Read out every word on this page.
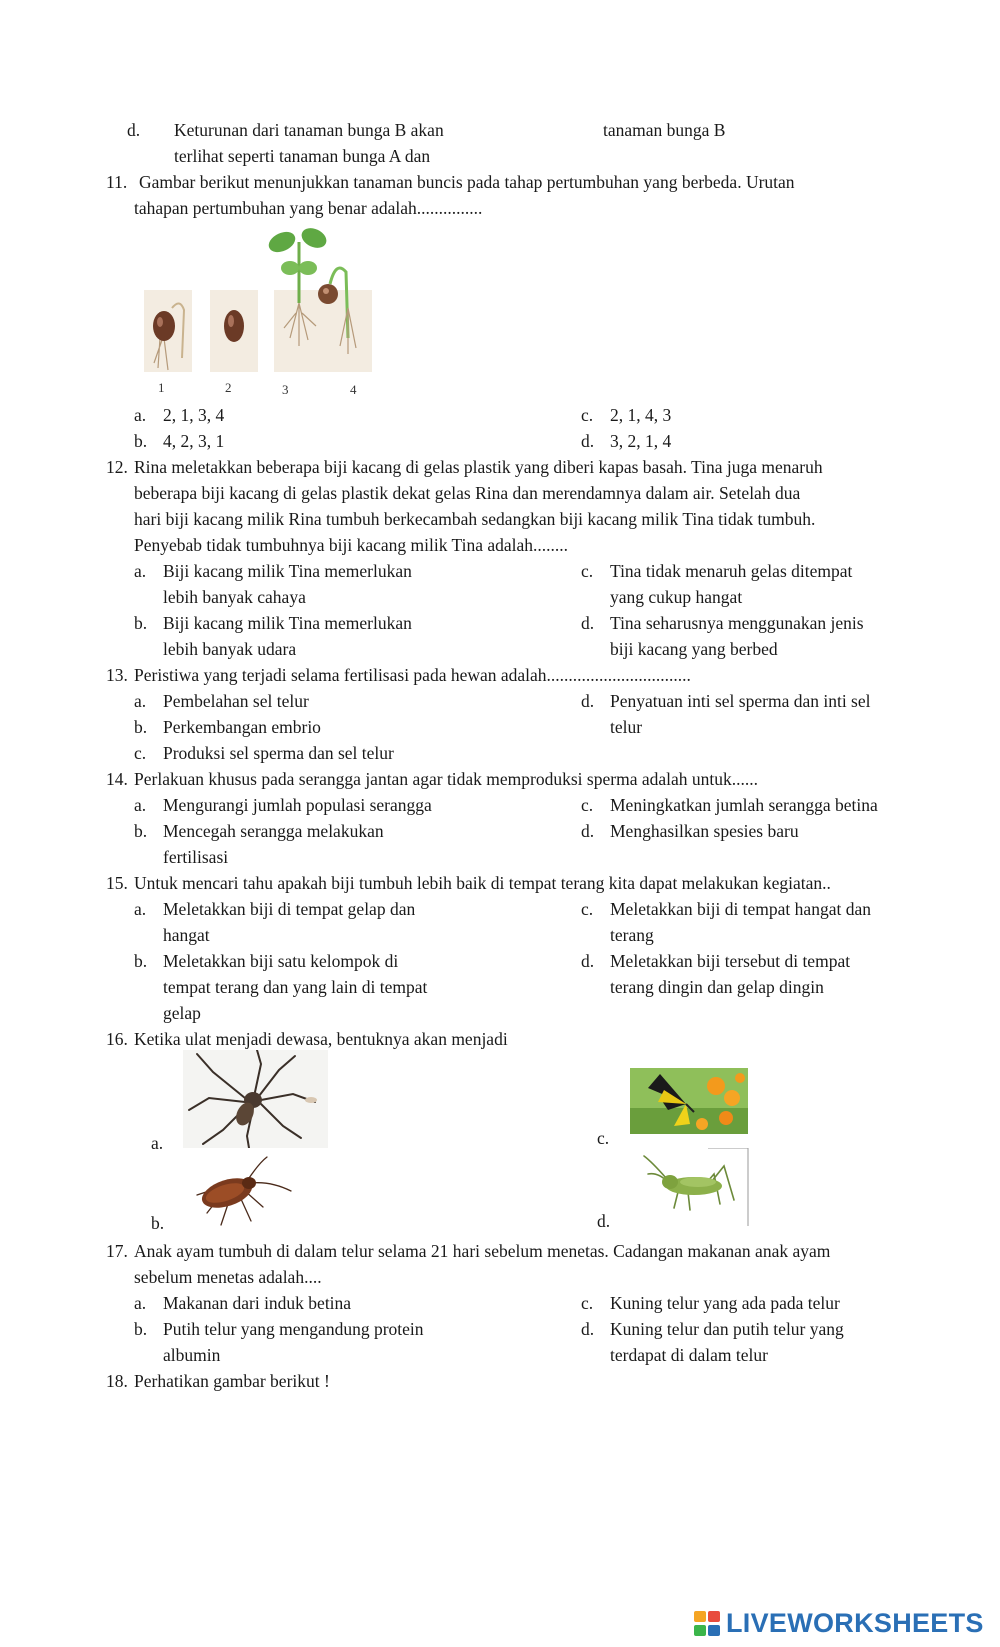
d. Keturunan dari tanaman bunga B akan
terlihat seperti tanaman bunga A dan
tanaman bunga B
11. Gambar berikut menunjukkan tanaman buncis pada tahap pertumbuhan yang berbeda. Urutan
tahapan pertumbuhan yang benar adalah...............
1	2	3	4
a. 2, 1, 3, 4
b. 4, 2, 3, 1
c. 2, 1, 4, 3
d. 3, 2, 1, 4
12. Rina meletakkan beberapa biji kacang di gelas plastik yang diberi kapas basah. Tina juga menaruh
beberapa biji kacang di gelas plastik dekat gelas Rina dan merendamnya dalam air. Setelah dua
hari biji kacang milik Rina tumbuh berkecambah sedangkan biji kacang milik Tina tidak tumbuh.
Penyebab tidak tumbuhnya biji kacang milik Tina adalah........
a. Biji kacang milik Tina memerlukan
lebih banyak cahaya
b. Biji kacang milik Tina memerlukan
lebih banyak udara
c. Tina tidak menaruh gelas ditempat
yang cukup hangat
d. Tina seharusnya menggunakan jenis
biji kacang yang berbed
13. Peristiwa yang terjadi selama fertilisasi pada hewan adalah.................................
a. Pembelahan sel telur
b. Perkembangan embrio
c. Produksi sel sperma dan sel telur
d. Penyatuan inti sel sperma dan inti sel
telur
14. Perlakuan khusus pada serangga jantan agar tidak memproduksi sperma adalah untuk......
a. Mengurangi jumlah populasi serangga
b. Mencegah serangga melakukan
fertilisasi
c. Meningkatkan jumlah serangga betina
d. Menghasilkan spesies baru
15. Untuk mencari tahu apakah biji tumbuh lebih baik di tempat terang kita dapat melakukan kegiatan..
a. Meletakkan biji di tempat gelap dan
hangat
b. Meletakkan biji satu kelompok di
tempat terang dan yang lain di tempat
gelap
c. Meletakkan biji di tempat hangat dan
terang
d. Meletakkan biji tersebut di tempat
terang dingin dan gelap dingin
16. Ketika ulat menjadi dewasa, bentuknya akan menjadi
a.
b.
c.
d.
17. Anak ayam tumbuh di dalam telur selama 21 hari sebelum menetas. Cadangan makanan anak ayam
sebelum menetas adalah....
a. Makanan dari induk betina
b. Putih telur yang mengandung protein
albumin
c. Kuning telur yang ada pada telur
d. Kuning telur dan putih telur yang
terdapat di dalam telur
18. Perhatikan gambar berikut !
LIVEWORKSHEETS
